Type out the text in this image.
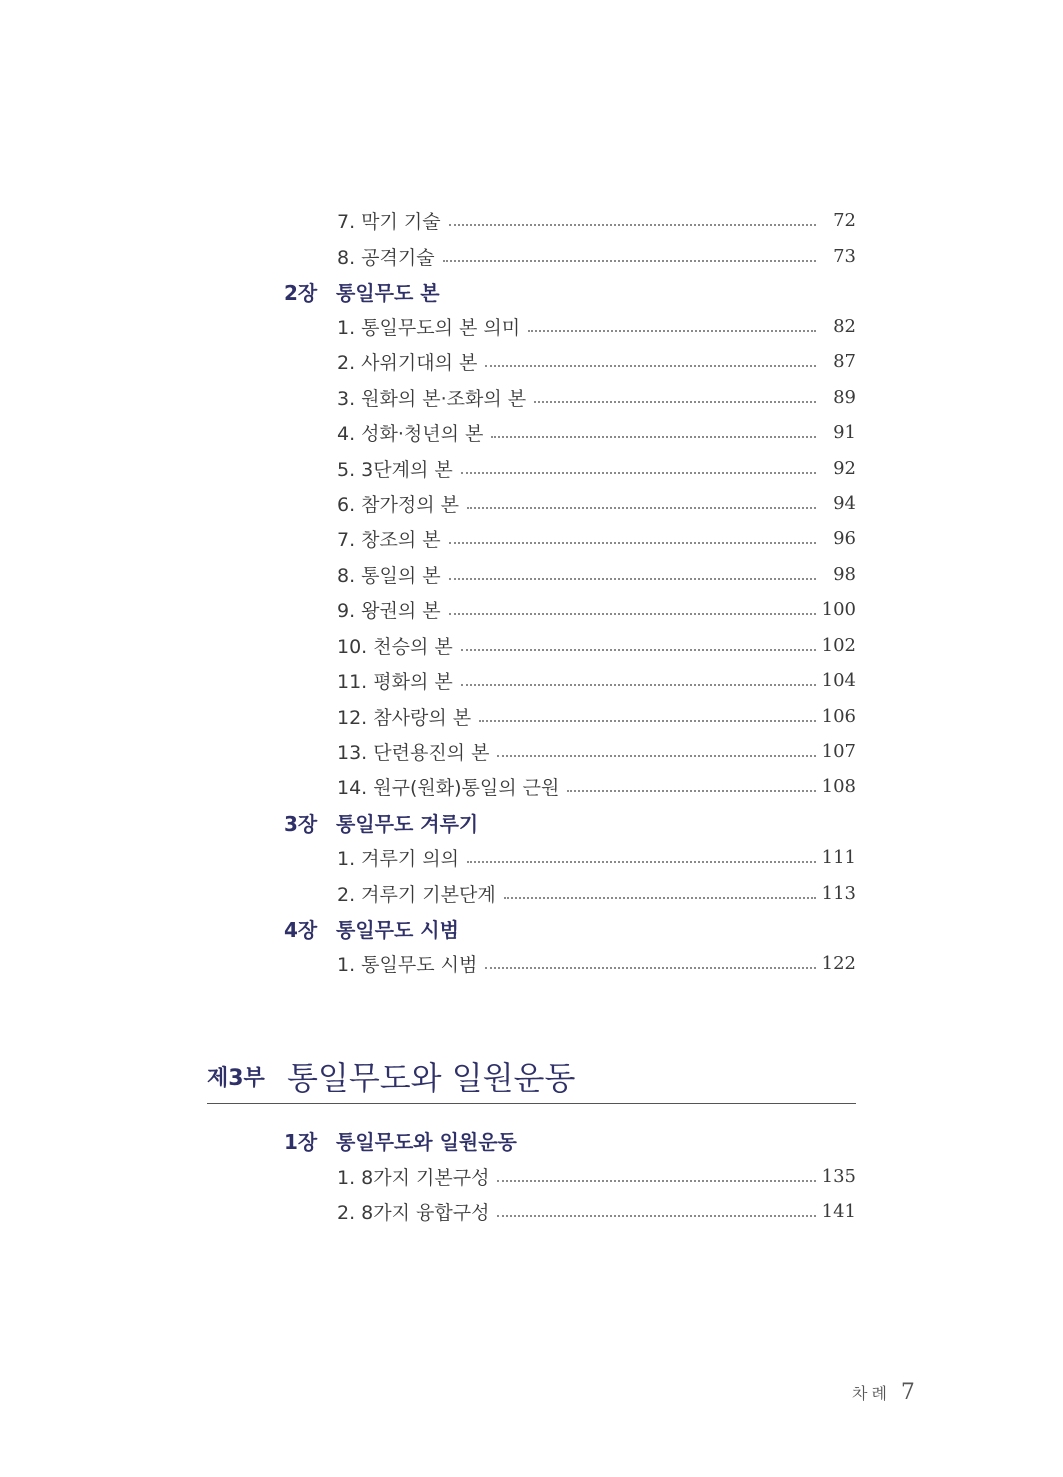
7. 막기 기술	72
8. 공격기술	73
2장 통일무도 본
1. 통일무도의 본 의미	82
2. 사위기대의 본	87
3. 원화의 본·조화의 본	89
4. 성화·청년의 본	91
5. 3단계의 본	92
6. 참가정의 본	94
7. 창조의 본	96
8. 통일의 본	98
9. 왕권의 본	100
10. 천승의 본	102
11. 평화의 본	104
12. 참사랑의 본	106
13. 단련용진의 본	107
14. 원구(원화)통일의 근원	108
3장 통일무도 겨루기
1. 겨루기 의의	111
2. 겨루기 기본단계	113
4장 통일무도 시범
1. 통일무도 시범	122
제3부 통일무도와 일원운동
1장 통일무도와 일원운동
1. 8가지 기본구성	135
2. 8가지 융합구성	141
차례 7
